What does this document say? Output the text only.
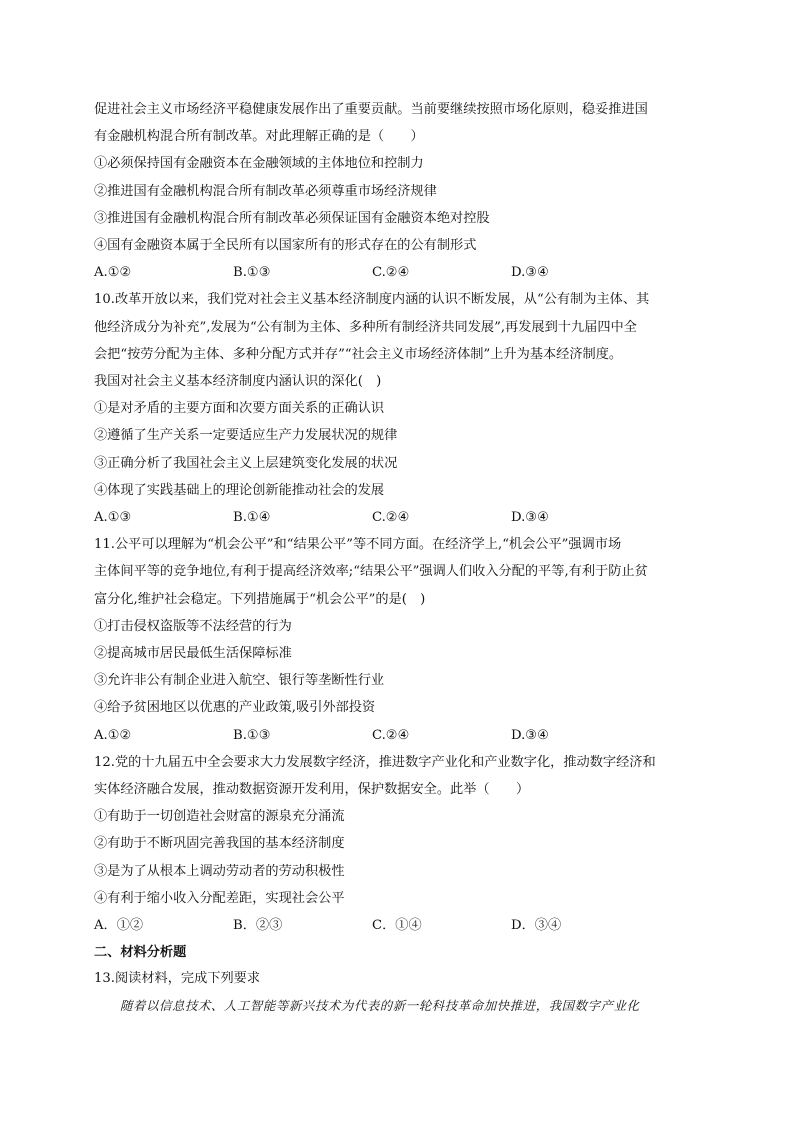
促进社会主义市场经济平稳健康发展作出了重要贡献。当前要继续按照市场化原则，稳妥推进国
有金融机构混合所有制改革。对此理解正确的是（　　）
①必须保持国有金融资本在金融领域的主体地位和控制力
②推进国有金融机构混合所有制改革必须尊重市场经济规律
③推进国有金融机构混合所有制改革必须保证国有金融资本绝对控股
④国有金融资本属于全民所有以国家所有的形式存在的公有制形式
A.①②	B.①③	C.②④	D.③④
10.改革开放以来，我们党对社会主义基本经济制度内涵的认识不断发展，从“公有制为主体、其
他经济成分为补充”,发展为“公有制为主体、多种所有制经济共同发展”,再发展到十九届四中全
会把“按劳分配为主体、多种分配方式并存”“社会主义市场经济体制”上升为基本经济制度。
我国对社会主义基本经济制度内涵认识的深化(　)
①是对矛盾的主要方面和次要方面关系的正确认识
②遵循了生产关系一定要适应生产力发展状况的规律
③正确分析了我国社会主义上层建筑变化发展的状况
④体现了实践基础上的理论创新能推动社会的发展
A.①③	B.①④	C.②④	D.③④
11.公平可以理解为“机会公平”和“结果公平”等不同方面。在经济学上,“机会公平”强调市场
主体间平等的竞争地位,有利于提高经济效率;“结果公平”强调人们收入分配的平等,有利于防止贫
富分化,维护社会稳定。下列措施属于“机会公平”的是(　)
①打击侵权盗版等不法经营的行为
②提高城市居民最低生活保障标准
③允许非公有制企业进入航空、银行等垄断性行业
④给予贫困地区以优惠的产业政策,吸引外部投资
A.①②	B.①③	C.②④	D.③④
12.党的十九届五中全会要求大力发展数字经济，推进数字产业化和产业数字化，推动数字经济和
实体经济融合发展，推动数据资源开发利用，保护数据安全。此举（　　）
①有助于一切创造社会财富的源泉充分涌流
②有助于不断巩固完善我国的基本经济制度
③是为了从根本上调动劳动者的劳动积极性
④有利于缩小收入分配差距，实现社会公平
A．①②	B．②③	C．①④	D．③④
二、材料分析题
13.阅读材料，完成下列要求
随着以信息技术、人工智能等新兴技术为代表的新一轮科技革命加快推进，我国数字产业化
